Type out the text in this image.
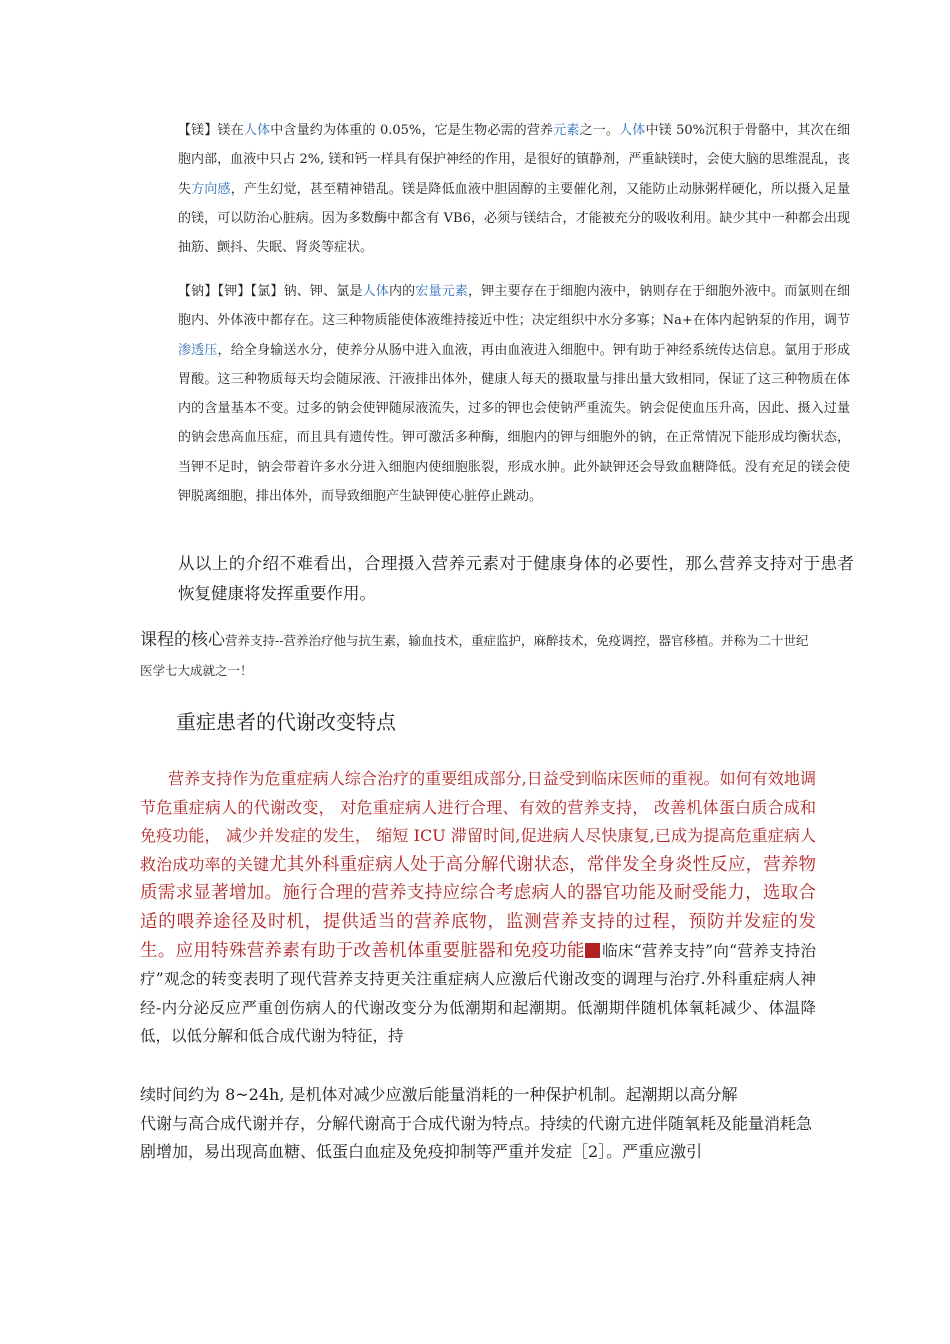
【镁】镁在人体中含量约为体重的 0.05%，它是生物必需的营养元素之一。人体中镁 50%沉积于骨骼中，其次在细胞内部，血液中只占 2%, 镁和钙一样具有保护神经的作用，是很好的镇静剂，严重缺镁时，会使大脑的思维混乱，丧失方向感，产生幻觉，甚至精神错乱。镁是降低血液中胆固醇的主要催化剂，又能防止动脉粥样硬化，所以摄入足量的镁，可以防治心脏病。因为多数酶中都含有 VB6，必须与镁结合，才能被充分的吸收利用。缺少其中一种都会出现抽筋、颤抖、失眠、肾炎等症状。

【钠】【钾】【氯】钠、钾、氯是人体内的宏量元素，钾主要存在于细胞内液中，钠则存在于细胞外液中。而氯则在细胞内、外体液中都存在。这三种物质能使体液维持接近中性；决定组织中水分多寡；Na+在体内起钠泵的作用，调节渗透压，给全身输送水分，使养分从肠中进入血液，再由血液进入细胞中。钾有助于神经系统传达信息。氯用于形成胃酸。这三种物质每天均会随尿液、汗液排出体外，健康人每天的摄取量与排出量大致相同，保证了这三种物质在体内的含量基本不变。过多的钠会使钾随尿液流失，过多的钾也会使钠严重流失。钠会促使血压升高，因此、摄入过量的钠会患高血压症，而且具有遗传性。钾可激活多种酶，细胞内的钾与细胞外的钠，在正常情况下能形成均衡状态，当钾不足时，钠会带着许多水分进入细胞内使细胞胀裂，形成水肿。此外缺钾还会导致血糖降低。没有充足的镁会使钾脱离细胞，排出体外，而导致细胞产生缺钾使心脏停止跳动。

从以上的介绍不难看出，合理摄入营养元素对于健康身体的必要性，那么营养支持对于患者恢复健康将发挥重要作用。

课程的核心营养支持--营养治疗他与抗生素，输血技术，重症监护，麻醉技术，免疫调控，器官移植。并称为二十世纪医学七大成就之一！

重症患者的代谢改变特点

营养支持作为危重症病人综合治疗的重要组成部分,日益受到临床医师的重视。如何有效地调节危重症病人的代谢改变， 对危重症病人进行合理、有效的营养支持， 改善机体蛋白质合成和免疫功能， 减少并发症的发生， 缩短 ICU 滞留时间,促进病人尽快康复,已成为提高危重症病人救治成功率的关键尤其外科重症病人处于高分解代谢状态，常伴发全身炎性反应，营养物质需求显著增加。施行合理的营养支持应综合考虑病人的器官功能及耐受能力，选取合适的喂养途径及时机，提供适当的营养底物，监测营养支持的过程，预防并发症的发生。应用特殊营养素有助于改善机体重要脏器和免疫功能 临床“营养支持”向“营养支持治疗”观念的转变表明了现代营养支持更关注重症病人应激后代谢改变的调理与治疗.外科重症病人神经-内分泌反应严重创伤病人的代谢改变分为低潮期和起潮期。低潮期伴随机体氧耗减少、体温降低，以低分解和低合成代谢为特征，持

续时间约为 8~24h, 是机体对减少应激后能量消耗的一种保护机制。起潮期以高分解
代谢与高合成代谢并存，分解代谢高于合成代谢为特点。持续的代谢亢进伴随氧耗及能量消耗急剧增加，易出现高血糖、低蛋白血症及免疫抑制等严重并发症［2］。严重应激引
